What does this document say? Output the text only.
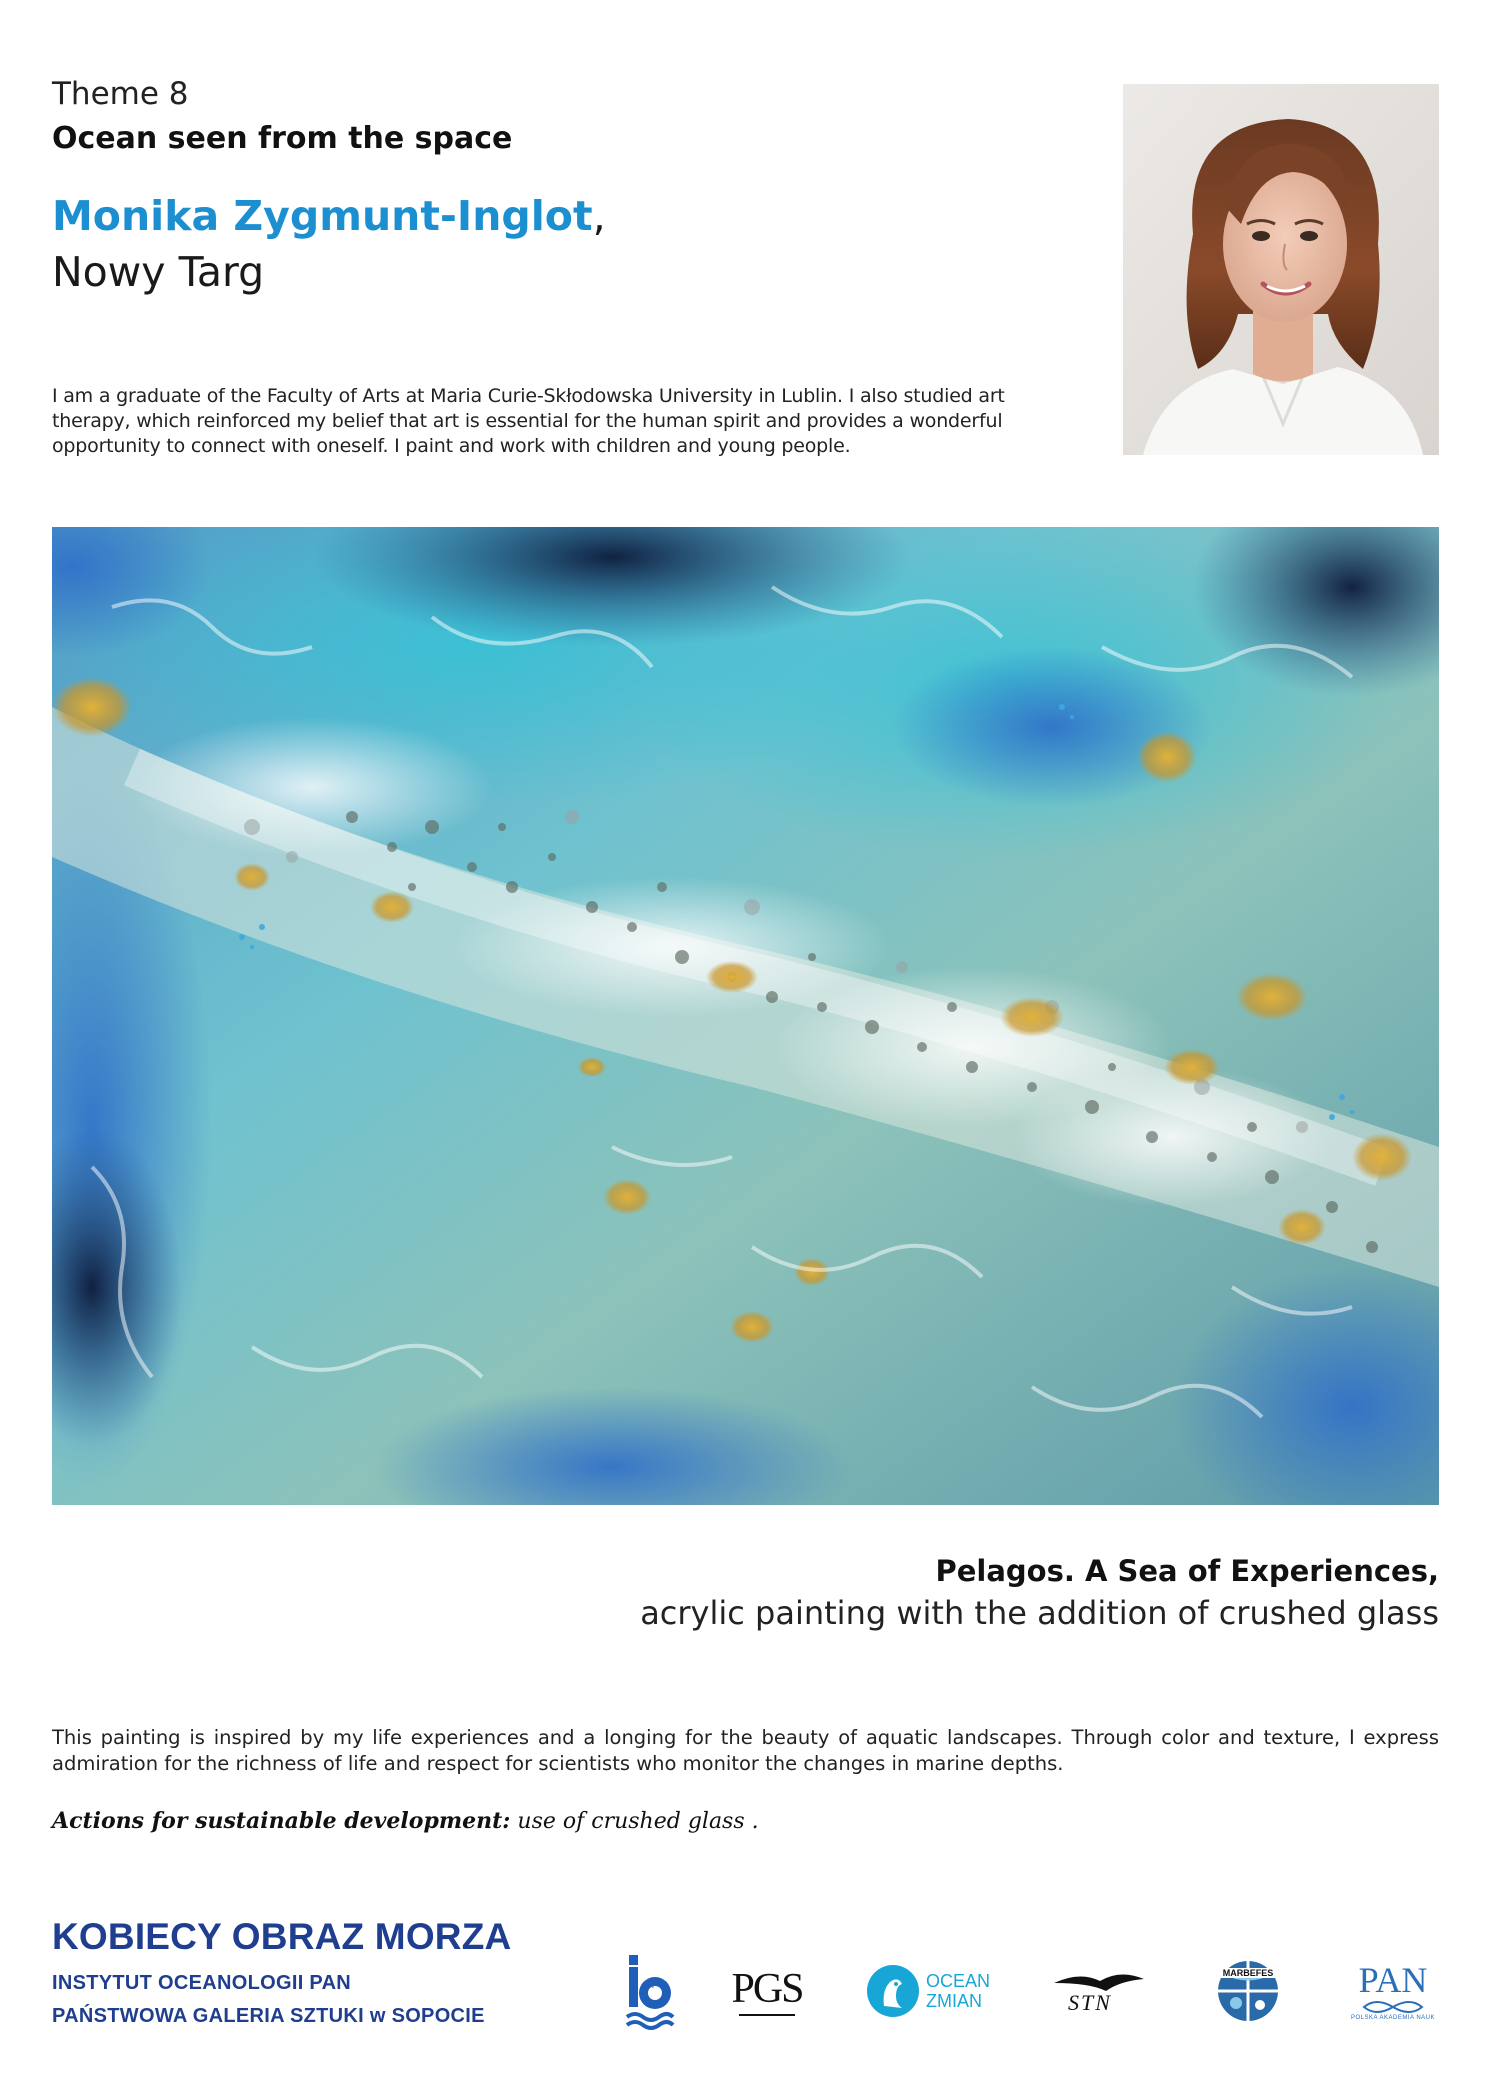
Theme 8
Ocean seen from the space
Monika Zygmunt-Inglot,
Nowy Targ
I am a graduate of the Faculty of Arts at Maria Curie-Skłodowska University in Lublin. I also studied art therapy, which reinforced my belief that art is essential for the human spirit and provides a wonderful opportunity to connect with oneself. I paint and work with children and young people.
Pelagos. A Sea of Experiences,
acrylic painting with the addition of crushed glass
This painting is inspired by my life experiences and a longing for the beauty of aquatic landscapes. Through color and texture, I express admiration for the richness of life and respect for scientists who monitor the changes in marine depths.
Actions for sustainable development: use of crushed glass .
KOBIECY OBRAZ MORZA
INSTYTUT OCEANOLOGII PAN
PAŃSTWOWA GALERIA SZTUKI w SOPOCIE
PAN PGS	OCEAN
ZMIAN	STN
MARBEFES PAN
POLSKA AKADEMIA NAUK
